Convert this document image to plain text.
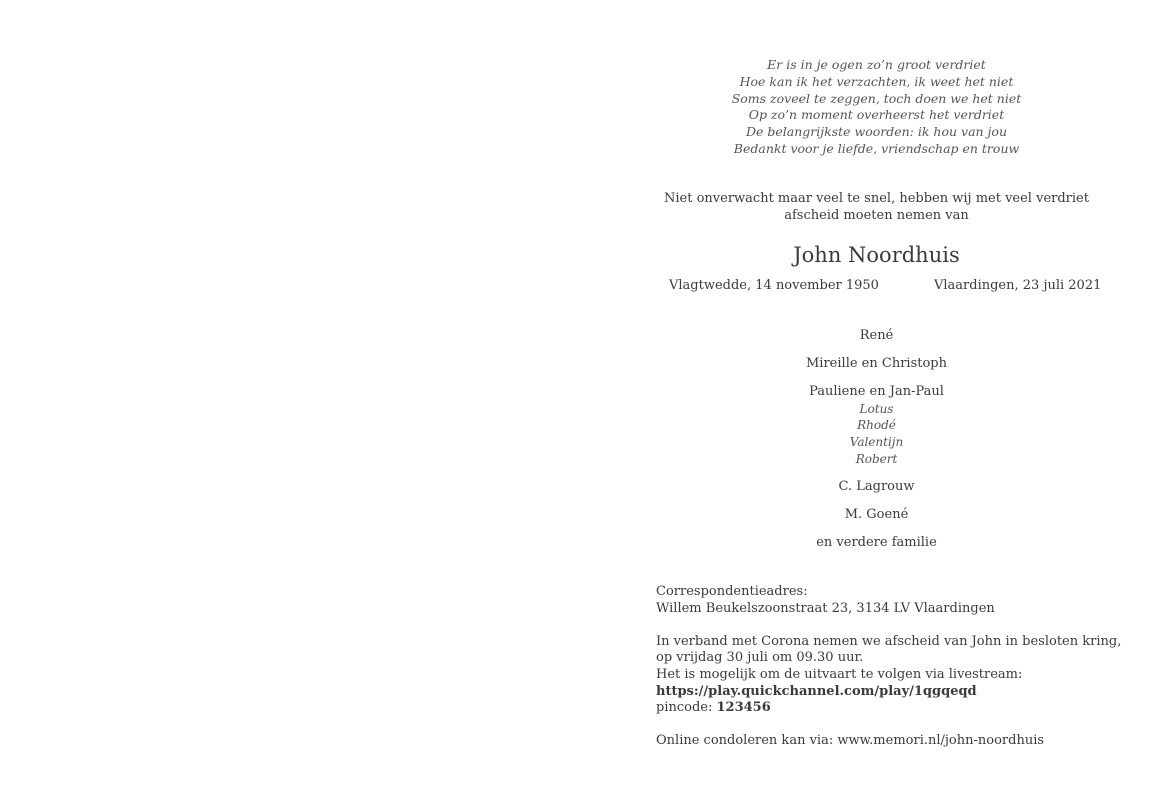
Er is in je ogen zo’n groot verdriet
Hoe kan ik het verzachten, ik weet het niet
Soms zoveel te zeggen, toch doen we het niet
Op zo’n moment overheerst het verdriet
De belangrijkste woorden: ik hou van jou
Bedankt voor je liefde, vriendschap en trouw
Niet onverwacht maar veel te snel, hebben wij met veel verdriet
afscheid moeten nemen van
John Noordhuis
Vlagtwedde, 14 november 1950	Vlaardingen, 23 juli 2021
René
Mireille en Christoph
Pauliene en Jan-Paul
Lotus
Rhodé
Valentijn
Robert
C. Lagrouw
M. Goené
en verdere familie
Correspondentieadres:
Willem Beukelszoonstraat 23, 3134 LV Vlaardingen
In verband met Corona nemen we afscheid van John in besloten kring,
op vrijdag 30 juli om 09.30 uur.
Het is mogelijk om de uitvaart te volgen via livestream:
https://play.quickchannel.com/play/1qgqeqd
pincode: 123456
Online condoleren kan via: www.memori.nl/john-noordhuis
